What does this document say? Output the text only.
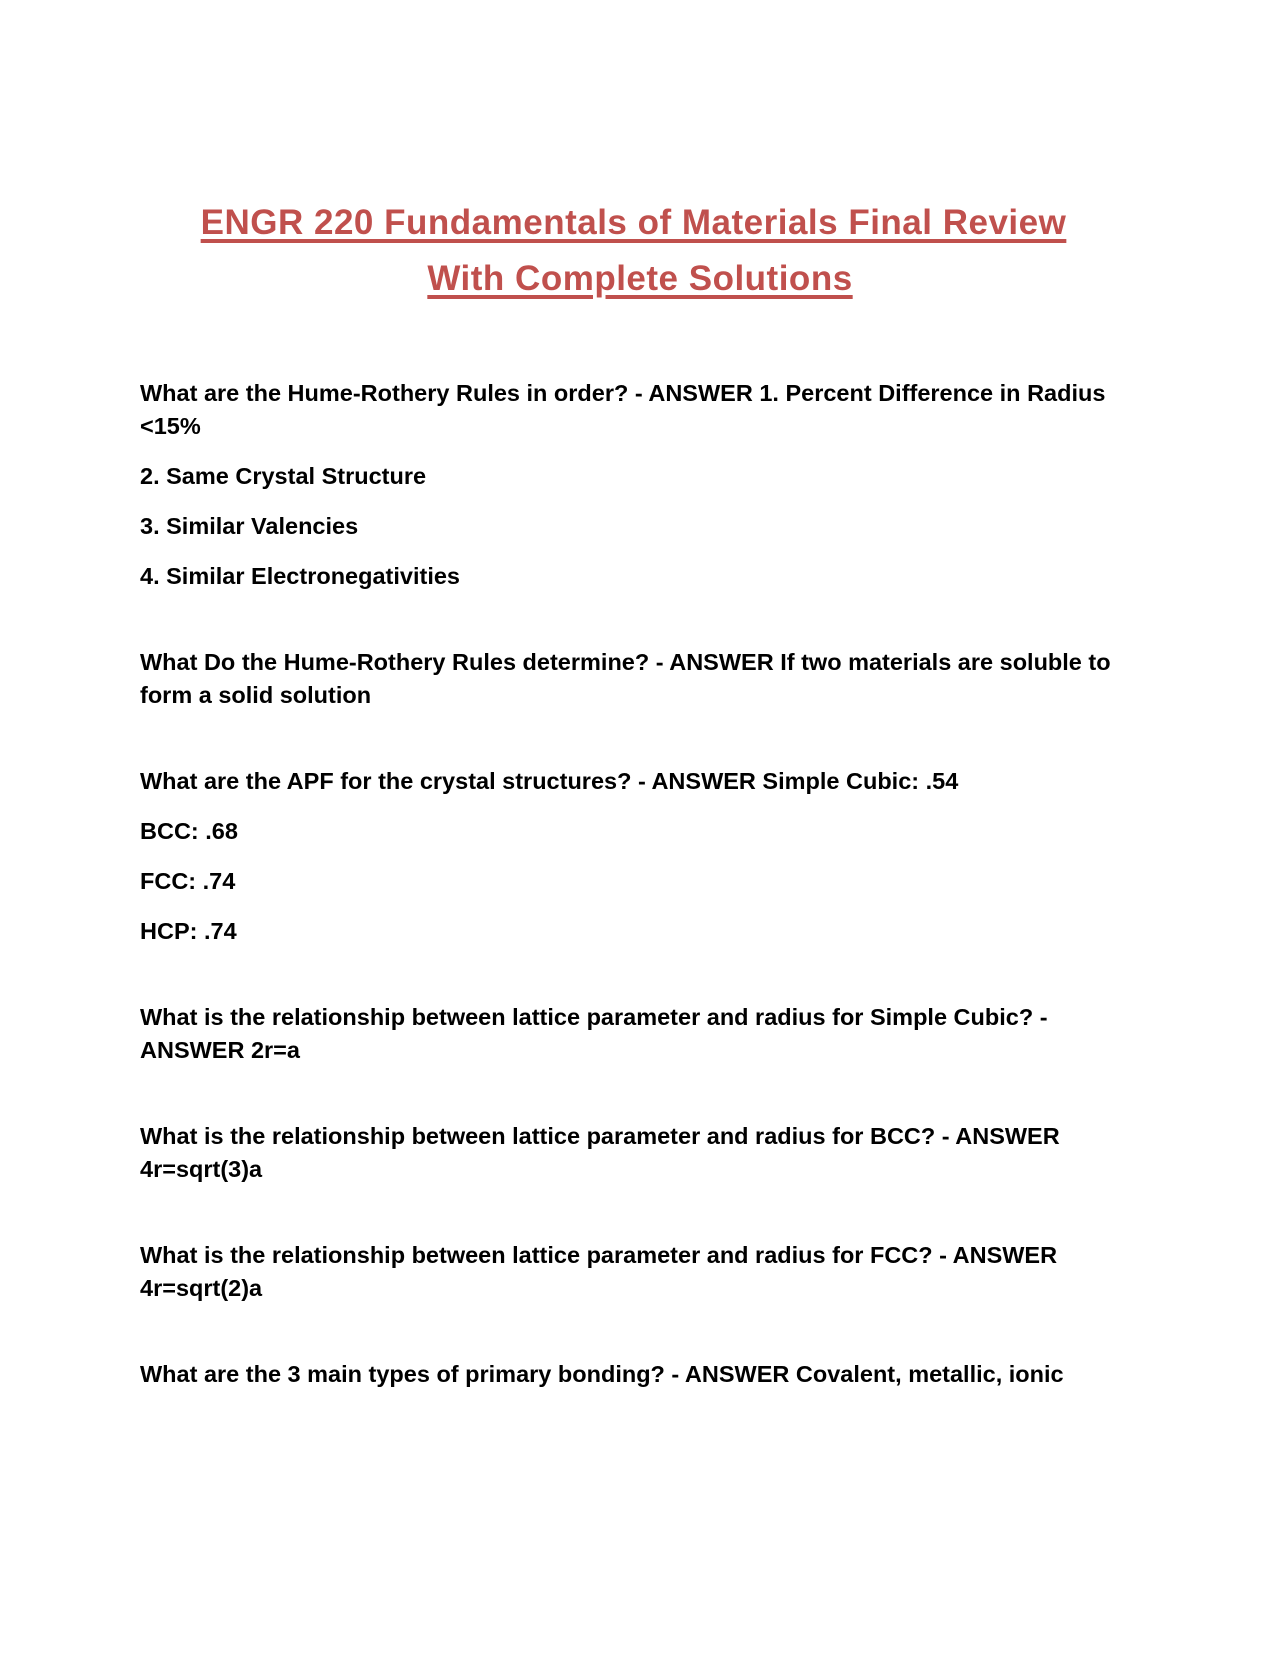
ENGR 220 Fundamentals of Materials Final Review
With Complete Solutions

What are the Hume-Rothery Rules in order? - ANSWER 1. Percent Difference in Radius <15%

2. Same Crystal Structure

3. Similar Valencies

4. Similar Electronegativities

What Do the Hume-Rothery Rules determine? - ANSWER If two materials are soluble to form a solid solution

What are the APF for the crystal structures? - ANSWER Simple Cubic: .54

BCC: .68

FCC: .74

HCP: .74

What is the relationship between lattice parameter and radius for Simple Cubic? - ANSWER 2r=a

What is the relationship between lattice parameter and radius for BCC? - ANSWER 4r=sqrt(3)a

What is the relationship between lattice parameter and radius for FCC? - ANSWER 4r=sqrt(2)a

What are the 3 main types of primary bonding? - ANSWER Covalent, metallic, ionic
